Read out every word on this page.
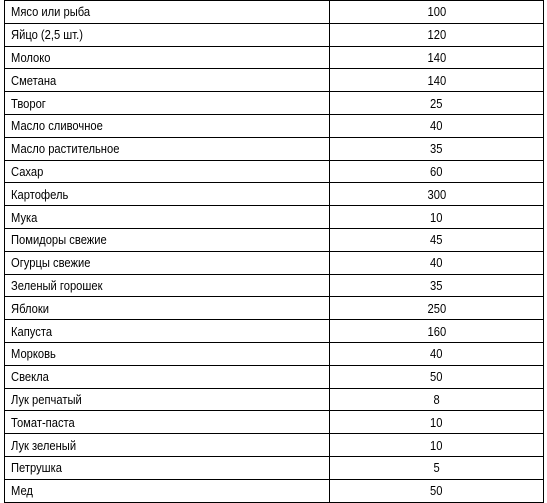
Мясо или рыба	100
Яйцо (2,5 шт.)	120
Молоко	140
Сметана	140
Творог	25
Масло сливочное	40
Масло растительное	35
Сахар	60
Картофель	300
Мука	10
Помидоры свежие	45
Огурцы свежие	40
Зеленый горошек	35
Яблоки	250
Капуста	160
Морковь	40
Свекла	50
Лук репчатый	8
Томат-паста	10
Лук зеленый	10
Петрушка	5
Мед	50
